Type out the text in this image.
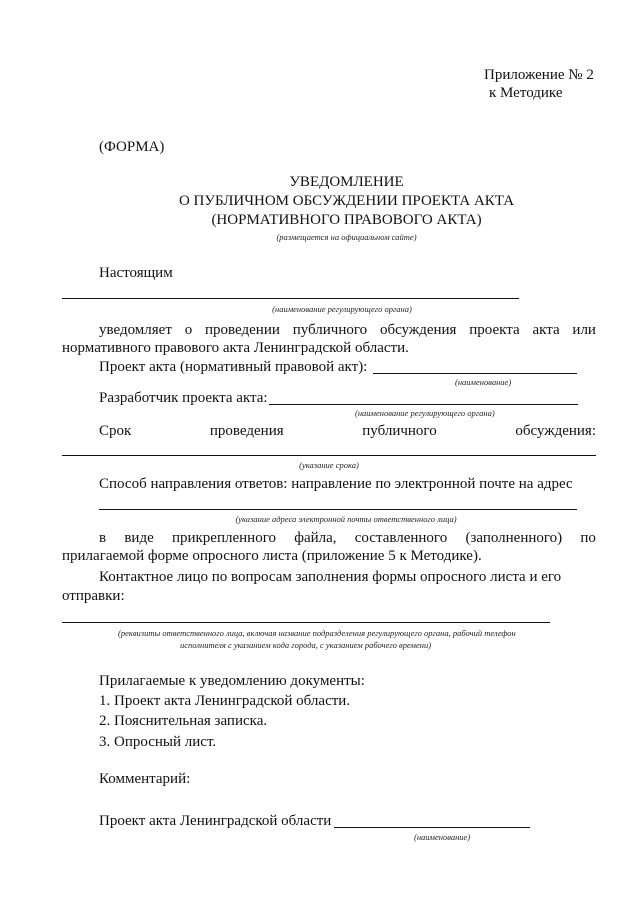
Приложение № 2
к Методике
(ФОРМА)
УВЕДОМЛЕНИЕ
О ПУБЛИЧНОМ ОБСУЖДЕНИИ ПРОЕКТА АКТА
(НОРМАТИВНОГО ПРАВОВОГО АКТА)
(размещается на официальном сайте)
Настоящим
(наименование регулирующего органа)
уведомляет о проведении публичного обсуждения проекта акта или
нормативного правового акта Ленинградской области.
Проект акта (нормативный правовой акт):
(наименование)
Разработчик проекта акта:
(наименование регулирующего органа)
Срок	проведения	публичного	обсуждения:
(указание срока)
Способ направления ответов: направление по электронной почте на адрес
(указание адреса электронной почты ответственного лица)
в виде прикрепленного файла, составленного (заполненного) по
прилагаемой форме опросного листа (приложение 5 к Методике).
Контактное лицо по вопросам заполнения формы опросного листа и его
отправки:
(реквизиты ответственного лица, включая название подразделения регулирующего органа, рабочий телефон
исполнителя с указанием кода города, с указанием рабочего времени)
Прилагаемые к уведомлению документы:
1. Проект акта Ленинградской области.
2. Пояснительная записка.
3. Опросный лист.
Комментарий:
Проект акта Ленинградской области
(наименование)
